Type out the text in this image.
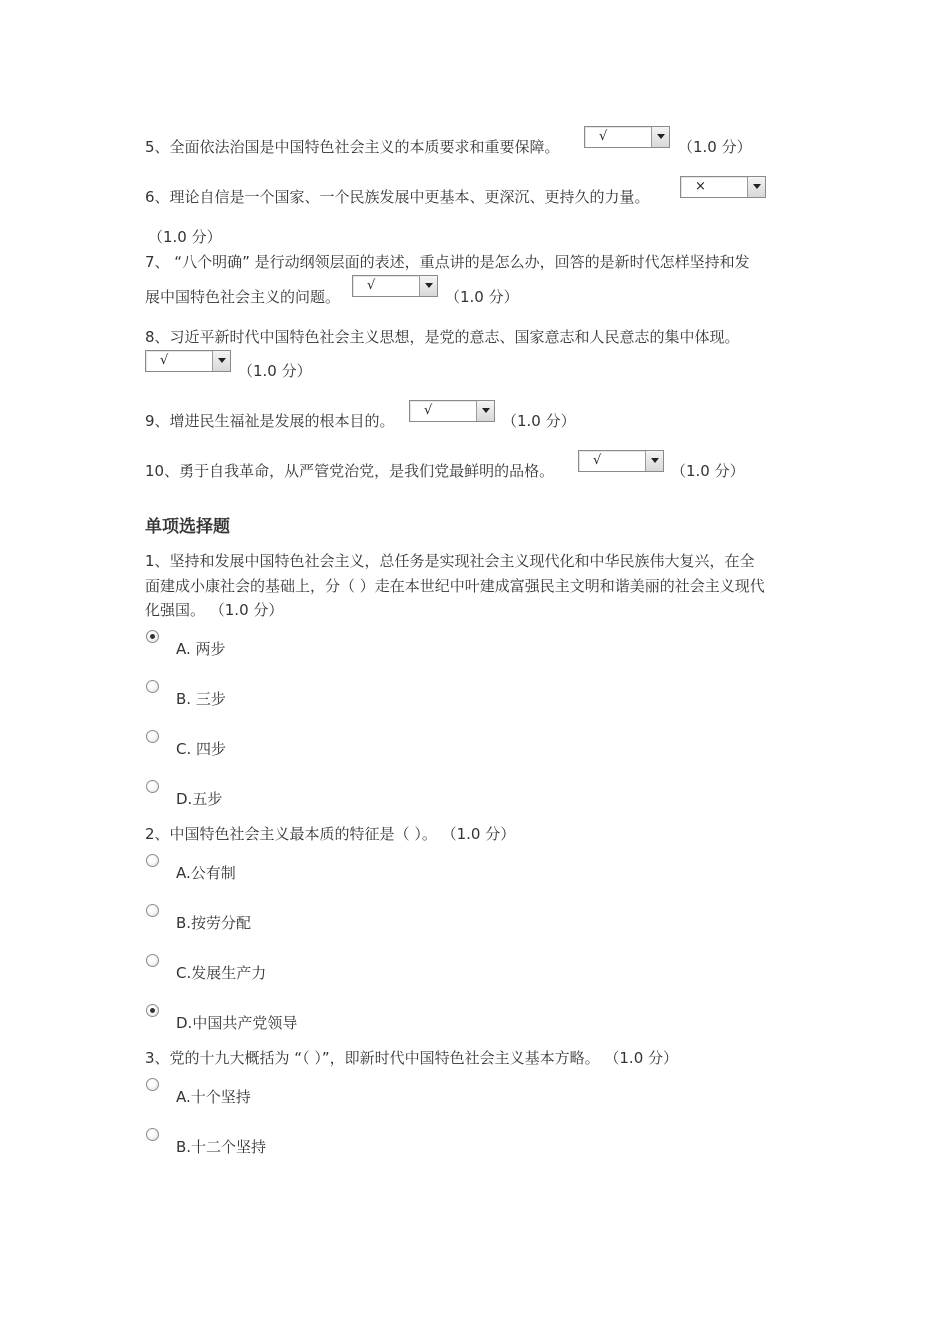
5、全面依法治国是中国特色社会主义的本质要求和重要保障。
√
（1.0 分）
6、理论自信是一个国家、一个民族发展中更基本、更深沉、更持久的力量。
×
（1.0 分）
7、 “八个明确” 是行动纲领层面的表述，重点讲的是怎么办，回答的是新时代怎样坚持和发
展中国特色社会主义的问题。
√
（1.0 分）
8、习近平新时代中国特色社会主义思想，是党的意志、国家意志和人民意志的集中体现。
√
（1.0 分）
9、增进民生福祉是发展的根本目的。
√
（1.0 分）
10、勇于自我革命，从严管党治党，是我们党最鲜明的品格。
√
（1.0 分）
单项选择题
1、坚持和发展中国特色社会主义，总任务是实现社会主义现代化和中华民族伟大复兴，在全
面建成小康社会的基础上，分（ ）走在本世纪中叶建成富强民主文明和谐美丽的社会主义现代
化强国。 （1.0 分）
A. 两步
B. 三步
C. 四步
D.五步
2、中国特色社会主义最本质的特征是（ ）。 （1.0 分）
A.公有制
B.按劳分配
C.发展生产力
D.中国共产党领导
3、党的十九大概括为 “（ ）”，即新时代中国特色社会主义基本方略。 （1.0 分）
A.十个坚持
B.十二个坚持
